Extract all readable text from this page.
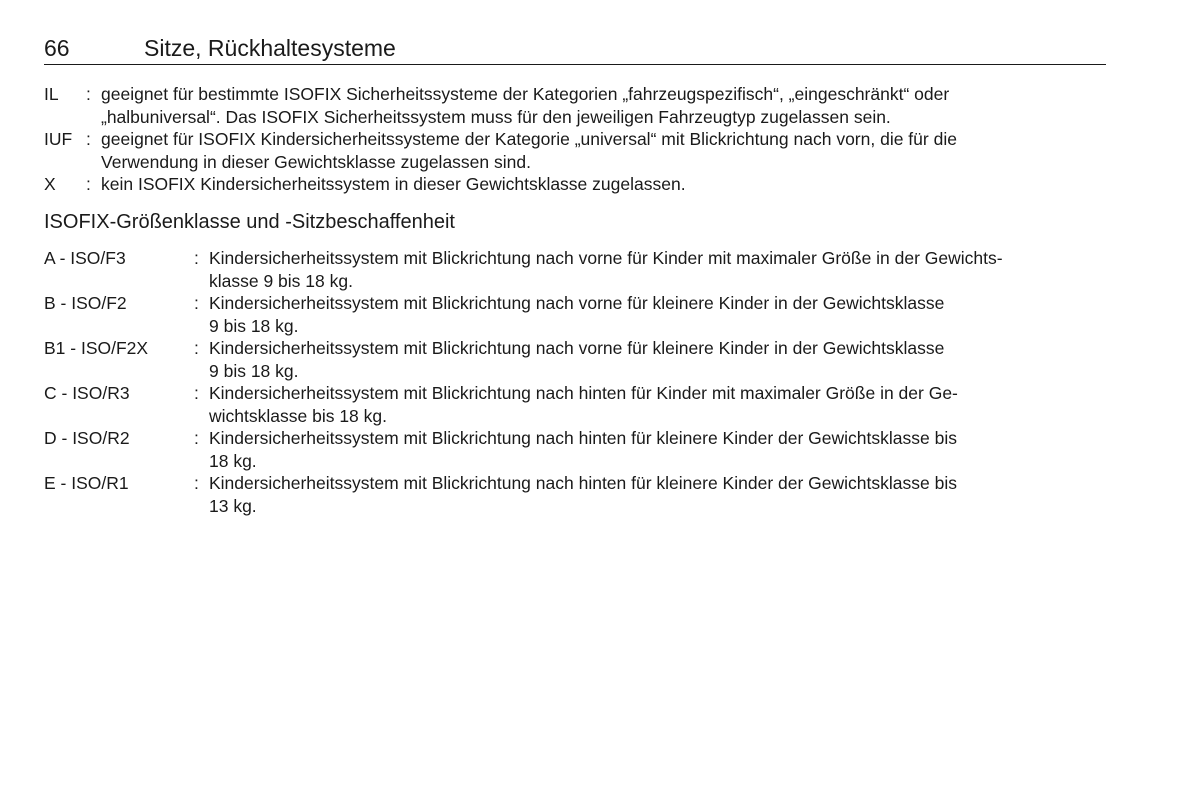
66	Sitze, Rückhaltesysteme
IL	: geeignet für bestimmte ISOFIX Sicherheitssysteme der Kategorien „fahrzeugspezifisch“, „eingeschränkt“ oder
„halbuniversal“. Das ISOFIX Sicherheitssystem muss für den jeweiligen Fahrzeugtyp zugelassen sein.
IUF : geeignet für ISOFIX Kindersicherheitssysteme der Kategorie „universal“ mit Blickrichtung nach vorn, die für die
Verwendung in dieser Gewichtsklasse zugelassen sind.
X	: kein ISOFIX Kindersicherheitssystem in dieser Gewichtsklasse zugelassen.
ISOFIX-Größenklasse und -Sitzbeschaffenheit
A - ISO/F3	: Kindersicherheitssystem mit Blickrichtung nach vorne für Kinder mit maximaler Größe in der Gewichts-
klasse 9 bis 18 kg.
B - ISO/F2	: Kindersicherheitssystem mit Blickrichtung nach vorne für kleinere Kinder in der Gewichtsklasse
9 bis 18 kg.
B1 - ISO/F2X	: Kindersicherheitssystem mit Blickrichtung nach vorne für kleinere Kinder in der Gewichtsklasse
9 bis 18 kg.
C - ISO/R3	: Kindersicherheitssystem mit Blickrichtung nach hinten für Kinder mit maximaler Größe in der Ge-
wichtsklasse bis 18 kg.
D - ISO/R2	: Kindersicherheitssystem mit Blickrichtung nach hinten für kleinere Kinder der Gewichtsklasse bis
18 kg.
E - ISO/R1	: Kindersicherheitssystem mit Blickrichtung nach hinten für kleinere Kinder der Gewichtsklasse bis
13 kg.
